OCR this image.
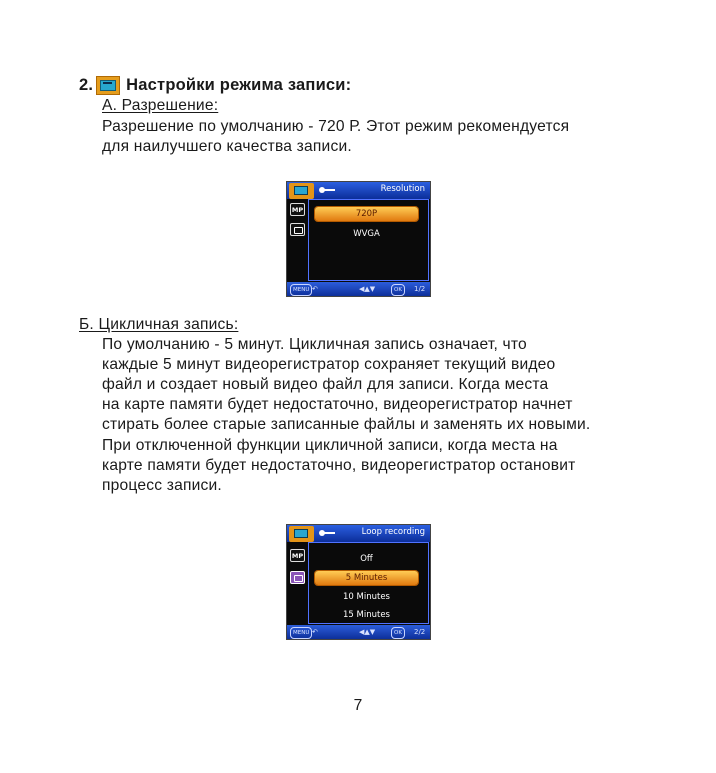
2. Настройки режима записи:
А. Разрешение:
Разрешение по умолчанию - 720 Р. Этот режим рекомендуется
для наилучшего качества записи.
Resolution
MP	720P
WVGA
MENU ↶	◀▲▼	OK	1/2
Б. Цикличная запись:
По умолчанию - 5 минут. Цикличная запись означает, что
каждые 5 минут видеорегистратор сохраняет текущий видео
файл и создает новый видео файл для записи. Когда места
на карте памяти будет недостаточно, видеорегистратор начнет
стирать более старые записанные файлы и заменять их новыми.
При отключенной функции цикличной записи, когда места на
карте памяти будет недостаточно, видеорегистратор остановит
процесс записи.
Loop recording
MP	Off
5 Minutes
10 Minutes
15 Minutes
MENU ↶	◀▲▼	OK	2/2
7
